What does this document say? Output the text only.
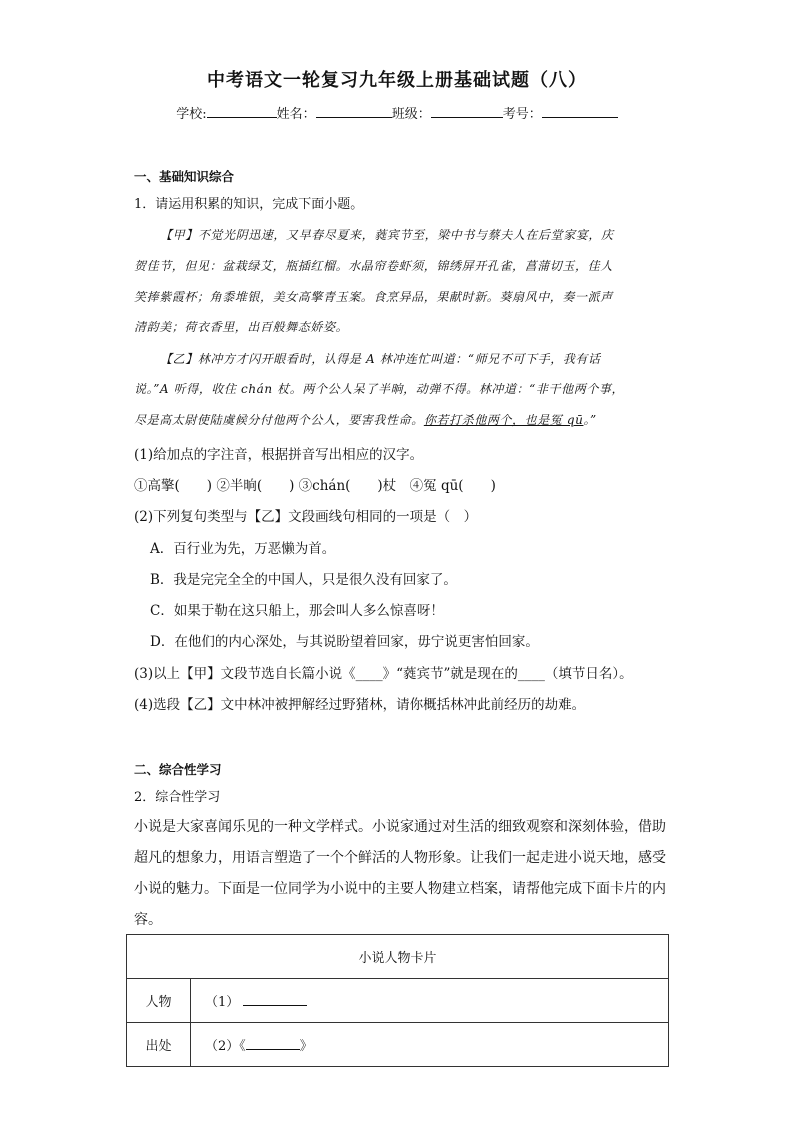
中考语文一轮复习九年级上册基础试题（八）
学校:	姓名：	班级：	考号：
一、基础知识综合
1．请运用积累的知识，完成下面小题。
【甲】不觉光阴迅速，又早春尽夏来，蕤宾节至，梁中书与蔡夫人在后堂家宴，庆
贺佳节，但见：盆栽绿艾，瓶插红榴。水晶帘卷虾须，锦绣屏开孔雀，菖蒲切玉，佳人
笑捧紫霞杯；角黍堆银，美女高擎青玉案。食烹异品，果献时新。葵扇风中，奏一派声
清韵美；荷衣香里，出百般舞态娇姿。
【乙】林冲方才闪开眼看时，认得是 A 林冲连忙叫道：“师兄不可下手，我有话
说。”A 听得，收住 chán 杖。两个公人呆了半晌，动弹不得。林冲道：“非干他两个事，
尽是高太尉使陆虞候分付他两个公人，要害我性命。你若打杀他两个，也是冤 qū。”
(1)给加点的字注音，根据拼音写出相应的汉字。
①高擎(　　) ②半晌(　　) ③chán(　　)杖　④冤 qū(　　)
(2)下列复句类型与【乙】文段画线句相同的一项是（　）
A．百行业为先，万恶懒为首。
B．我是完完全全的中国人，只是很久没有回家了。
C．如果于勒在这只船上，那会叫人多么惊喜呀！
D．在他们的内心深处，与其说盼望着回家，毋宁说更害怕回家。
(3)以上【甲】文段节选自长篇小说《____》“蕤宾节”就是现在的____（填节日名）。
(4)选段【乙】文中林冲被押解经过野猪林，请你概括林冲此前经历的劫难。
二、综合性学习
2．综合性学习
小说是大家喜闻乐见的一种文学样式。小说家通过对生活的细致观察和深刻体验，借助
超凡的想象力，用语言塑造了一个个鲜活的人物形象。让我们一起走进小说天地，感受
小说的魅力。下面是一位同学为小说中的主要人物建立档案，请帮他完成下面卡片的内
容。
小说人物卡片	
人物	（1）
出处	（2）《 》
